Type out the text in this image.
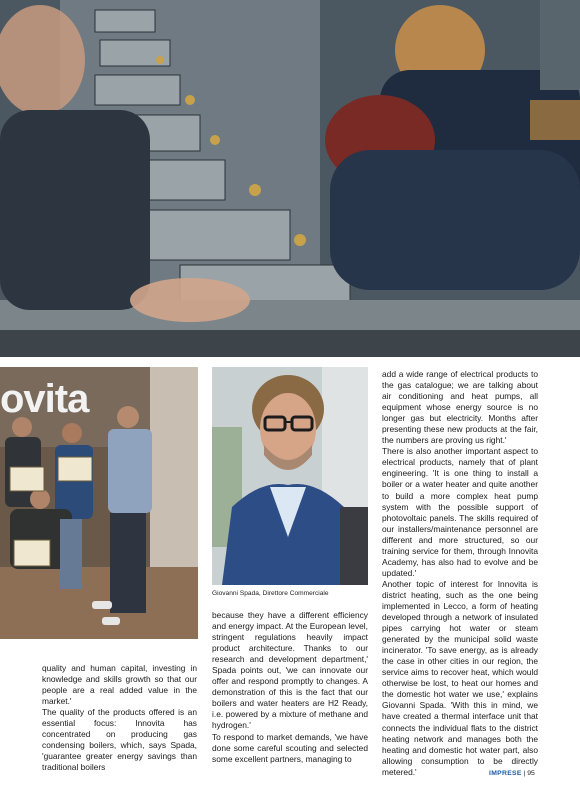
ovita
Giovanni Spada, Direttore Commerciale

quality and human capital, investing in knowledge and skills growth so that our people are a real added value in the market.'

The quality of the products offered is an essential focus: Innovita has concentrated on producing gas condensing boilers, which, says Spada, 'guarantee greater energy savings than traditional boilers

because they have a different efficiency and energy impact. At the European level, stringent regulations heavily impact product architecture. Thanks to our research and development department,' Spada points out, 'we can innovate our offer and respond promptly to changes. A demonstration of this is the fact that our boilers and water heaters are H2 Ready, i.e. powered by a mixture of methane and hydrogen.'

To respond to market demands, 'we have done some careful scouting and selected some excellent partners, managing to

add a wide range of electrical products to the gas catalogue; we are talking about air conditioning and heat pumps, all equipment whose energy source is no longer gas but electricity. Months after presenting these new products at the fair, the numbers are proving us right.'

There is also another important aspect to electrical products, namely that of plant engineering. 'It is one thing to install a boiler or a water heater and quite another to build a more complex heat pump system with the possible support of photovoltaic panels. The skills required of our installers/maintenance personnel are different and more structured, so our training service for them, through Innovita Academy, has also had to evolve and be updated.'

Another topic of interest for Innovita is district heating, such as the one being implemented in Lecco, a form of heating developed through a network of insulated pipes carrying hot water or steam generated by the municipal solid waste incinerator. 'To save energy, as is already the case in other cities in our region, the service aims to recover heat, which would otherwise be lost, to heat our homes and the domestic hot water we use,' explains Giovanni Spada. 'With this in mind, we have created a thermal interface unit that connects the individual flats to the district heating network and manages both the heating and domestic hot water part, also allowing consumption to be directly metered.'	IMPRESE | 95
